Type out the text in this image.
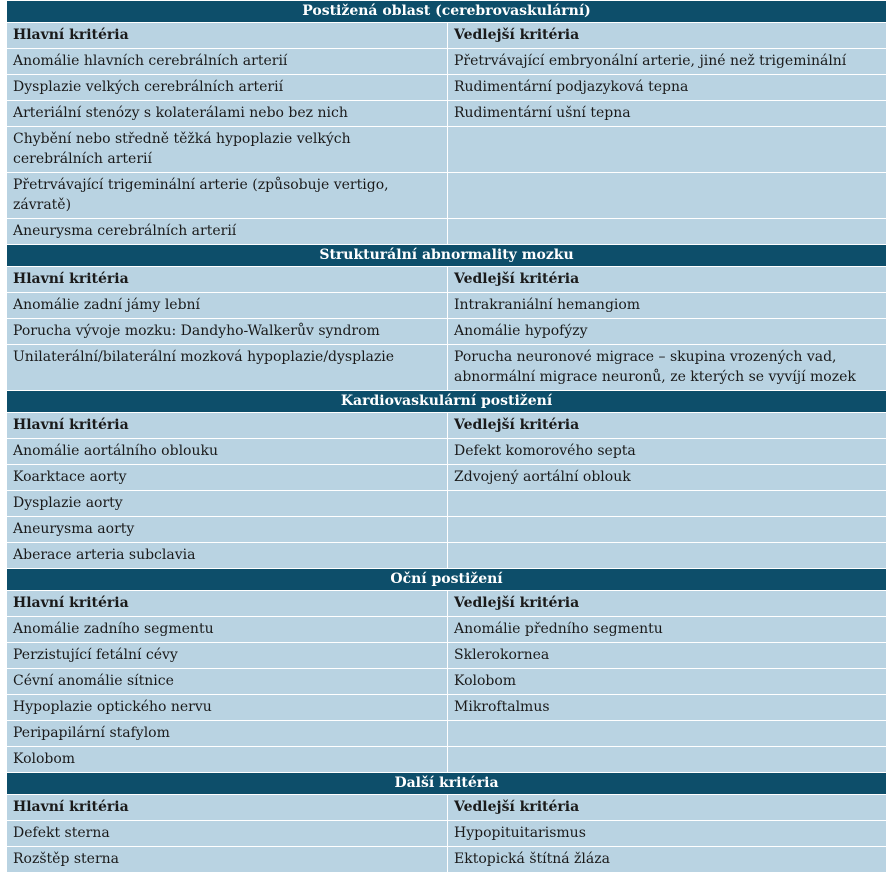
Postižená oblast (cerebrovaskulární)	
Hlavní kritéria	Vedlejší kritéria
Anomálie hlavních cerebrálních arterií	Přetrvávající embryonální arterie, jiné než trigeminální
Dysplazie velkých cerebrálních arterií	Rudimentární podjazyková tepna
Arteriální stenózy s kolaterálami nebo bez nich	Rudimentární ušní tepna
Chybění nebo středně těžká hypoplazie velkých cerebrálních arterií	
Přetrvávající trigeminální arterie (způsobuje vertigo, závratě)	
Aneurysma cerebrálních arterií	
Strukturální abnormality mozku	
Hlavní kritéria	Vedlejší kritéria
Anomálie zadní jámy lební	Intrakraniální hemangiom
Porucha vývoje mozku: Dandyho-Walkerův syndrom	Anomálie hypofýzy
Unilaterální/bilaterální mozková hypoplazie/dysplazie	Porucha neuronové migrace – skupina vrozených vad, abnormální migrace neuronů, ze kterých se vyvíjí mozek
Kardiovaskulární postižení	
Hlavní kritéria	Vedlejší kritéria
Anomálie aortálního oblouku	Defekt komorového septa
Koarktace aorty	Zdvojený aortální oblouk
Dysplazie aorty	
Aneurysma aorty	
Aberace arteria subclavia	
Oční postižení	
Hlavní kritéria	Vedlejší kritéria
Anomálie zadního segmentu	Anomálie předního segmentu
Perzistující fetální cévy	Sklerokornea
Cévní anomálie sítnice	Kolobom
Hypoplazie optického nervu	Mikroftalmus
Peripapilární stafylom	
Kolobom	
Další kritéria	
Hlavní kritéria	Vedlejší kritéria
Defekt sterna	Hypopituitarismus
Rozštěp sterna	Ektopická štítná žláza
